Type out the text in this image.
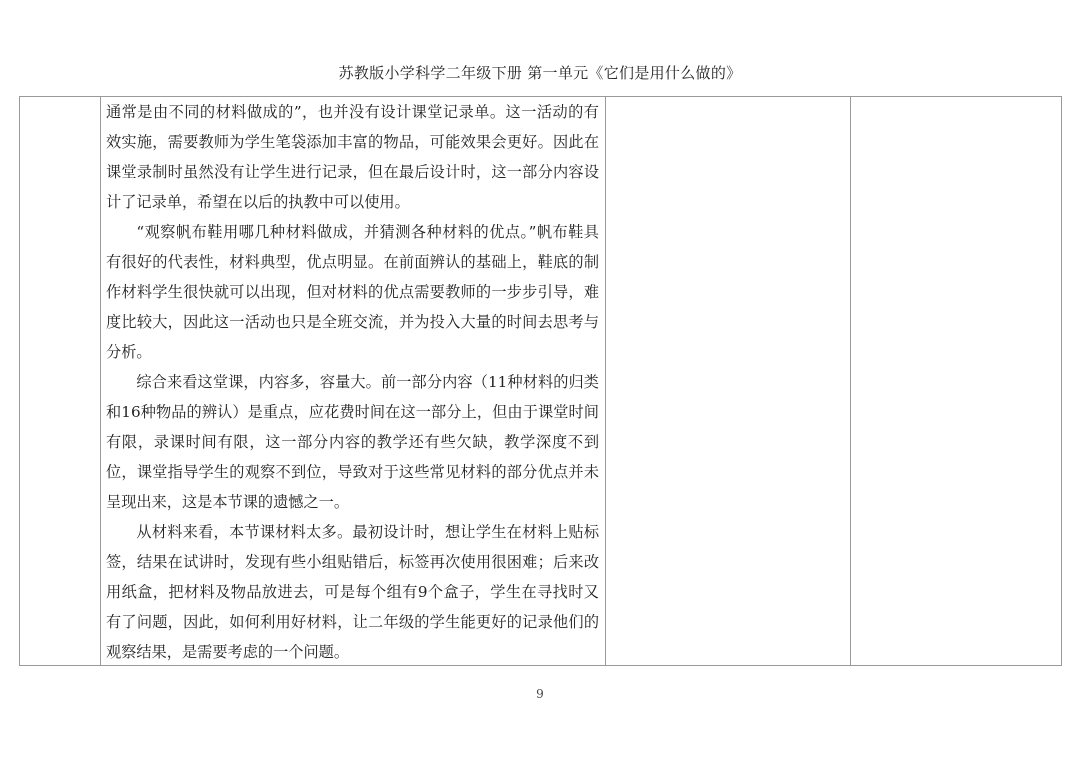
苏教版小学科学二年级下册 第一单元《它们是用什么做的》

通常是由不同的材料做成的”，也并没有设计课堂记录单。这一活动的有效实施，需要教师为学生笔袋添加丰富的物品，可能效果会更好。因此在课堂录制时虽然没有让学生进行记录，但在最后设计时，这一部分内容设计了记录单，希望在以后的执教中可以使用。

“观察帆布鞋用哪几种材料做成，并猜测各种材料的优点。”帆布鞋具有很好的代表性，材料典型，优点明显。在前面辨认的基础上，鞋底的制作材料学生很快就可以出现，但对材料的优点需要教师的一步步引导，难度比较大，因此这一活动也只是全班交流，并为投入大量的时间去思考与分析。

综合来看这堂课，内容多，容量大。前一部分内容（11种材料的归类和16种物品的辨认）是重点，应花费时间在这一部分上，但由于课堂时间有限，录课时间有限，这一部分内容的教学还有些欠缺，教学深度不到位，课堂指导学生的观察不到位，导致对于这些常见材料的部分优点并未呈现出来，这是本节课的遗憾之一。

从材料来看，本节课材料太多。最初设计时，想让学生在材料上贴标签，结果在试讲时，发现有些小组贴错后，标签再次使用很困难；后来改用纸盒，把材料及物品放进去，可是每个组有9个盒子，学生在寻找时又有了问题，因此，如何利用好材料，让二年级的学生能更好的记录他们的观察结果，是需要考虑的一个问题。

9
